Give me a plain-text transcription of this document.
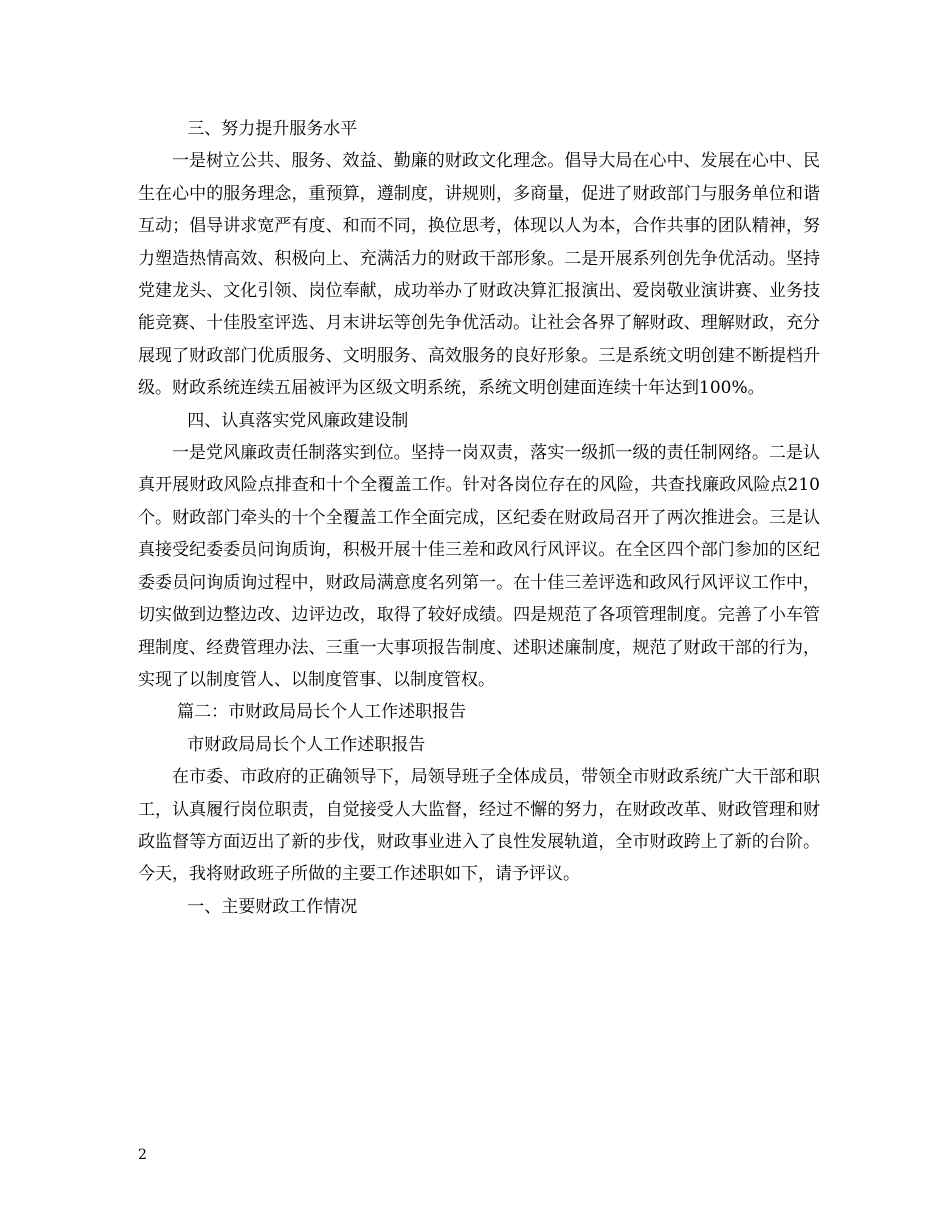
三、努力提升服务水平

一是树立公共、服务、效益、勤廉的财政文化理念。倡导大局在心中、发展在心中、民生在心中的服务理念，重预算，遵制度，讲规则，多商量，促进了财政部门与服务单位和谐互动；倡导讲求宽严有度、和而不同，换位思考，体现以人为本，合作共事的团队精神，努力塑造热情高效、积极向上、充满活力的财政干部形象。二是开展系列创先争优活动。坚持党建龙头、文化引领、岗位奉献，成功举办了财政决算汇报演出、爱岗敬业演讲赛、业务技能竞赛、十佳股室评选、月末讲坛等创先争优活动。让社会各界了解财政、理解财政，充分展现了财政部门优质服务、文明服务、高效服务的良好形象。三是系统文明创建不断提档升级。财政系统连续五届被评为区级文明系统，系统文明创建面连续十年达到100%。

四、认真落实党风廉政建设制

一是党风廉政责任制落实到位。坚持一岗双责，落实一级抓一级的责任制网络。二是认真开展财政风险点排查和十个全覆盖工作。针对各岗位存在的风险，共查找廉政风险点210个。财政部门牵头的十个全覆盖工作全面完成，区纪委在财政局召开了两次推进会。三是认真接受纪委委员问询质询，积极开展十佳三差和政风行风评议。在全区四个部门参加的区纪委委员问询质询过程中，财政局满意度名列第一。在十佳三差评选和政风行风评议工作中，切实做到边整边改、边评边改，取得了较好成绩。四是规范了各项管理制度。完善了小车管理制度、经费管理办法、三重一大事项报告制度、述职述廉制度，规范了财政干部的行为，实现了以制度管人、以制度管事、以制度管权。

篇二：市财政局局长个人工作述职报告

市财政局局长个人工作述职报告

在市委、市政府的正确领导下，局领导班子全体成员，带领全市财政系统广大干部和职工，认真履行岗位职责，自觉接受人大监督，经过不懈的努力，在财政改革、财政管理和财政监督等方面迈出了新的步伐，财政事业进入了良性发展轨道，全市财政跨上了新的台阶。今天，我将财政班子所做的主要工作述职如下，请予评议。

一、主要财政工作情况

2
